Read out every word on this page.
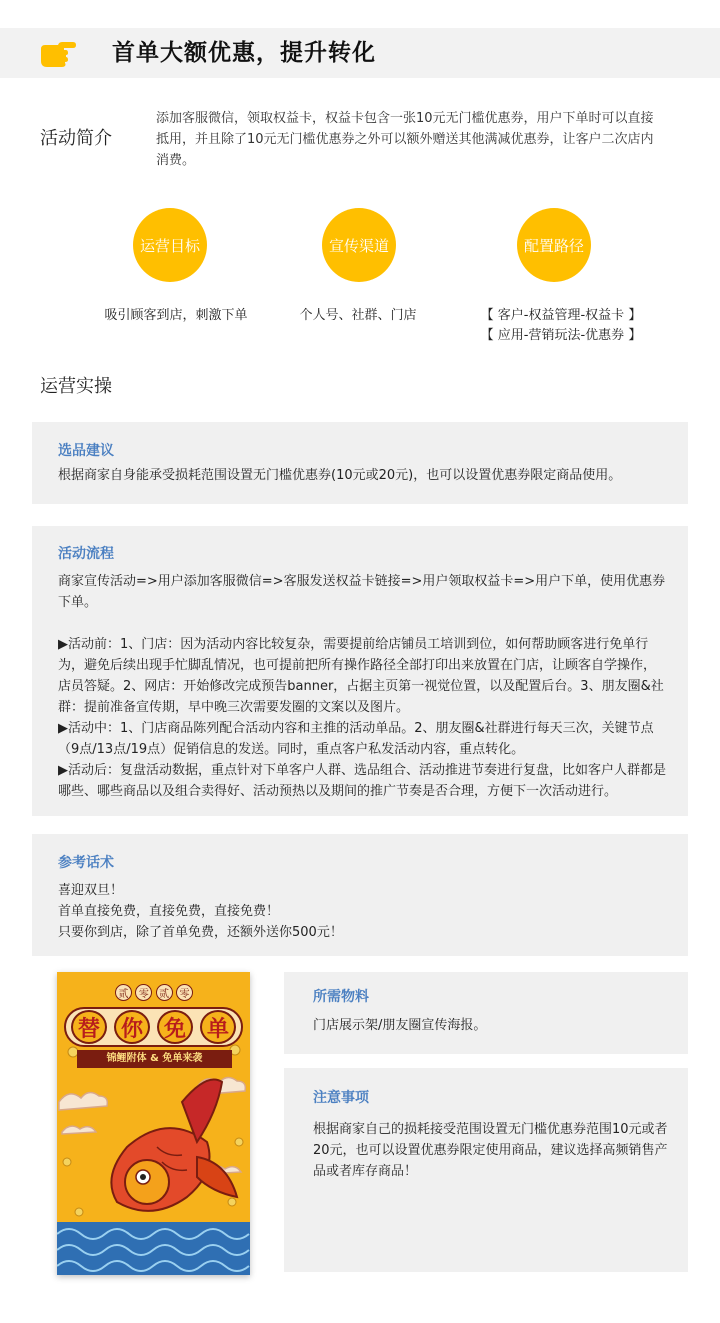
首单大额优惠，提升转化
活动简介
添加客服微信，领取权益卡，权益卡包含一张10元无门槛优惠券，用户下单时可以直接抵用，并且除了10元无门槛优惠券之外可以额外赠送其他满减优惠券，让客户二次店内消费。
运营目标	宣传渠道	配置路径
吸引顾客到店，刺激下单	个人号、社群、门店	【 客户-权益管理-权益卡 】
【 应用-营销玩法-优惠券 】
运营实操
选品建议
根据商家自身能承受损耗范围设置无门槛优惠券(10元或20元)，也可以设置优惠券限定商品使用。
活动流程

商家宣传活动=>用户添加客服微信=>客服发送权益卡链接=>用户领取权益卡=>用户下单，使用优惠券下单。

▶活动前：1、门店：因为活动内容比较复杂，需要提前给店铺员工培训到位，如何帮助顾客进行免单行为，避免后续出现手忙脚乱情况，也可提前把所有操作路径全部打印出来放置在门店，让顾客自学操作，店员答疑。2、网店：开始修改完成预告banner，占据主页第一视觉位置，以及配置后台。3、朋友圈&社群：提前准备宣传期，早中晚三次需要发圈的文案以及图片。

▶活动中：1、门店商品陈列配合活动内容和主推的活动单品。2、朋友圈&社群进行每天三次，关键节点（9点/13点/19点）促销信息的发送。同时，重点客户私发活动内容，重点转化。

▶活动后：复盘活动数据，重点针对下单客户人群、选品组合、活动推进节奏进行复盘，比如客户人群都是哪些、哪些商品以及组合卖得好、活动预热以及期间的推广节奏是否合理，方便下一次活动进行。

参考话术
喜迎双旦！
首单直接免费，直接免费，直接免费！
只要你到店，除了首单免费，还额外送你500元！
贰	零	贰	零
替 你 免 单
锦鲤附体 & 免单来袭
所需物料
门店展示架/朋友圈宣传海报。
注意事项
根据商家自己的损耗接受范围设置无门槛优惠券范围10元或者20元，也可以设置优惠券限定使用商品，建议选择高频销售产品或者库存商品！
